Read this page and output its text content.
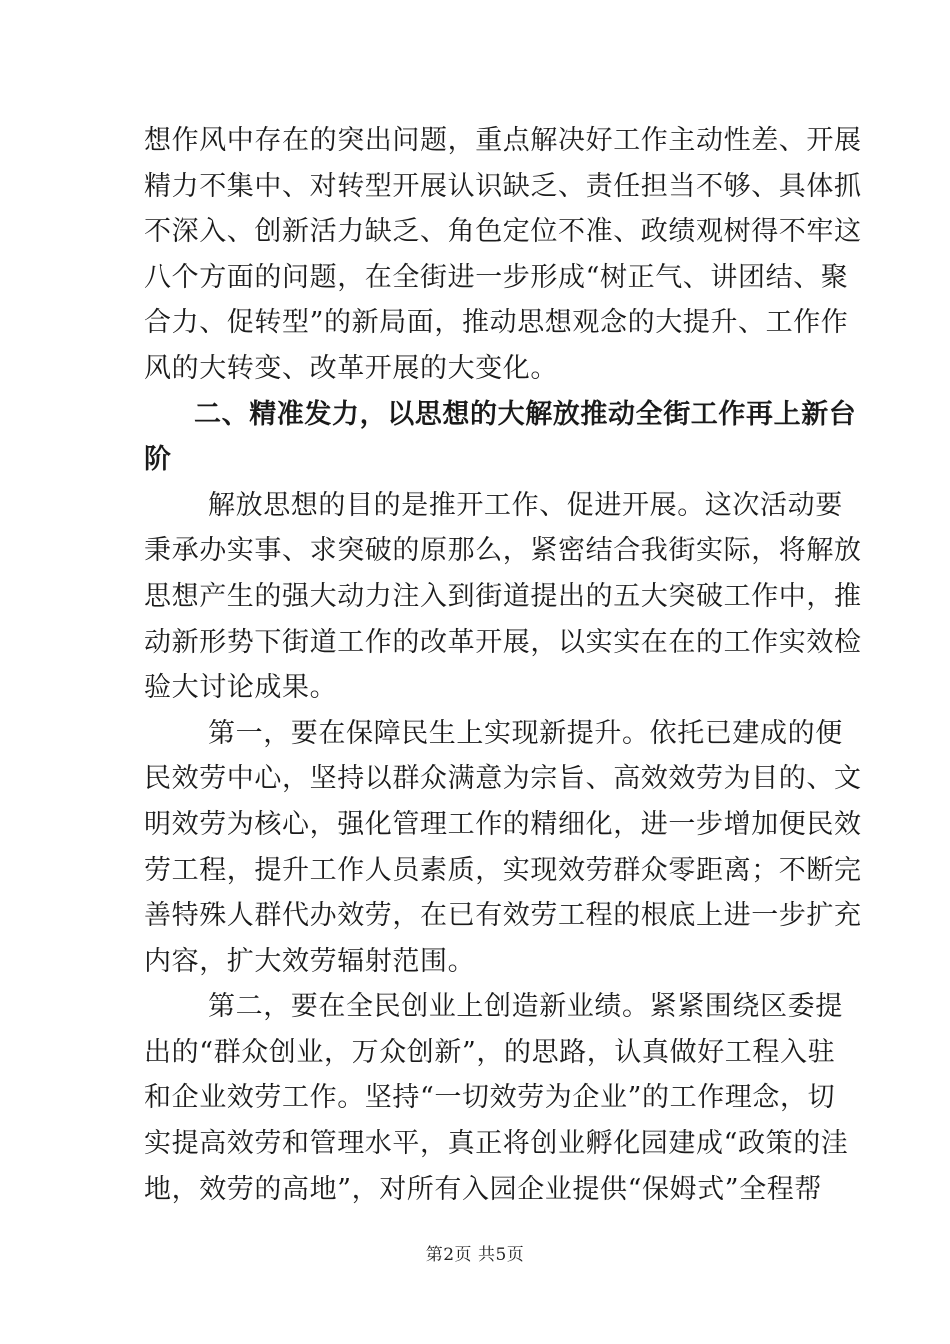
想作风中存在的突出问题，重点解决好工作主动性差、开展
精力不集中、对转型开展认识缺乏、责任担当不够、具体抓
不深入、创新活力缺乏、角色定位不准、政绩观树得不牢这
八个方面的问题，在全街进一步形成“树正气、讲团结、聚
合力、促转型”的新局面，推动思想观念的大提升、工作作
风的大转变、改革开展的大变化。
二、精准发力，以思想的大解放推动全街工作再上新台
阶
解放思想的目的是推开工作、促进开展。这次活动要
秉承办实事、求突破的原那么，紧密结合我街实际，将解放
思想产生的强大动力注入到街道提出的五大突破工作中，推
动新形势下街道工作的改革开展，以实实在在的工作实效检
验大讨论成果。
第一，要在保障民生上实现新提升。依托已建成的便
民效劳中心，坚持以群众满意为宗旨、高效效劳为目的、文
明效劳为核心，强化管理工作的精细化，进一步增加便民效
劳工程，提升工作人员素质，实现效劳群众零距离；不断完
善特殊人群代办效劳，在已有效劳工程的根底上进一步扩充
内容，扩大效劳辐射范围。
第二，要在全民创业上创造新业绩。紧紧围绕区委提
出的“群众创业，万众创新”，的思路，认真做好工程入驻
和企业效劳工作。坚持“一切效劳为企业”的工作理念，切
实提高效劳和管理水平，真正将创业孵化园建成“政策的洼
地，效劳的高地”，对所有入园企业提供“保姆式”全程帮
第2页 共5页
